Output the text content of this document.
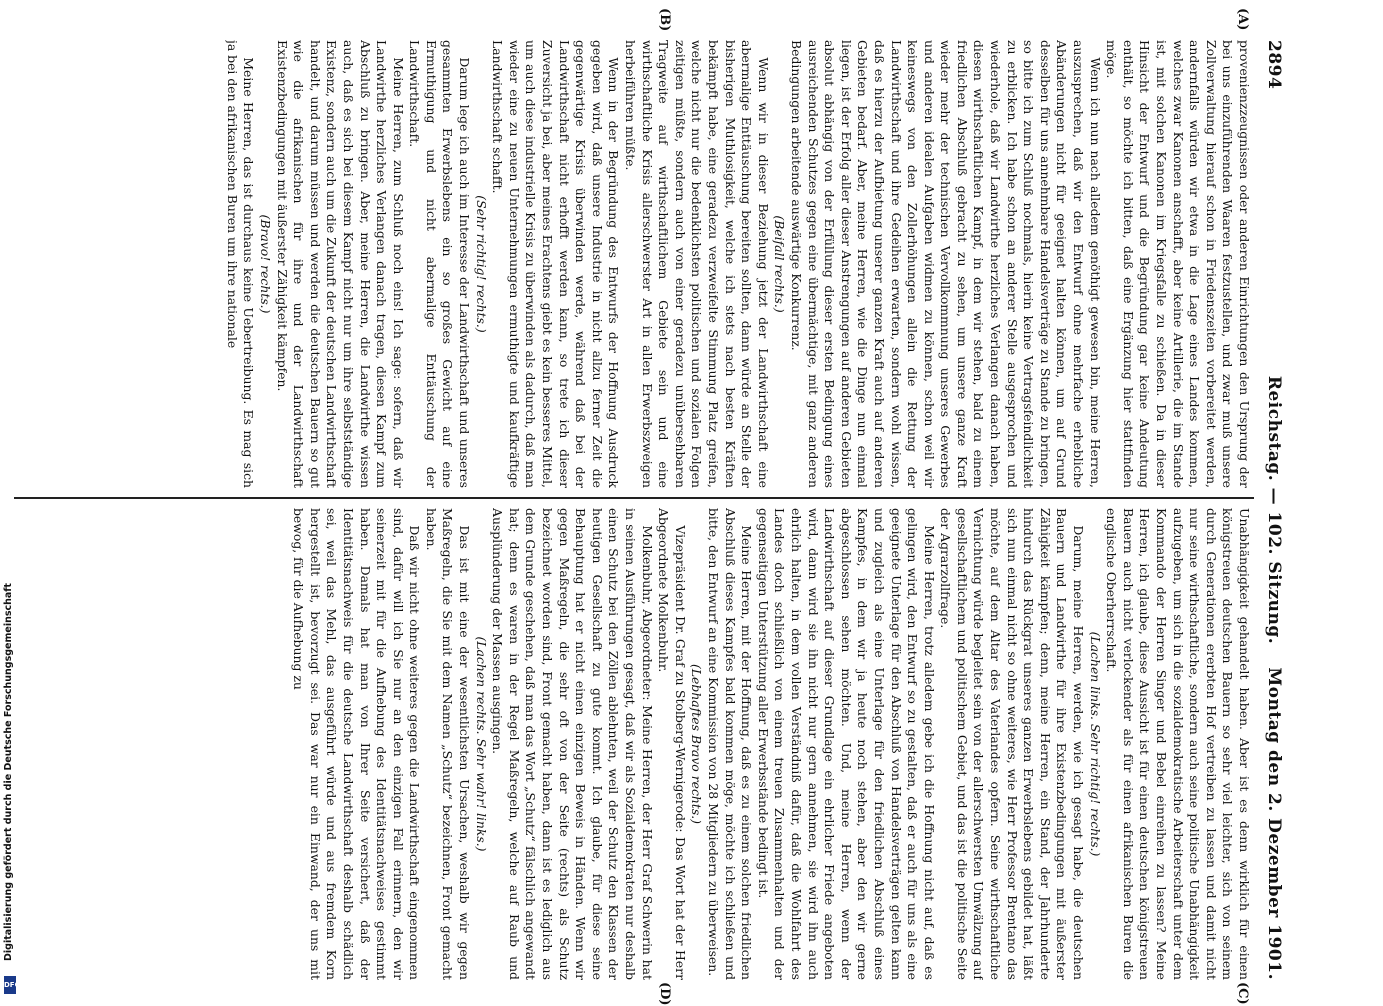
2894
Reichstag. — 102. Sitzung.
Montag den 2. Dezember 1901.
(A)
(B)
(C)
(D)

provenienzzeugnissen oder anderen Einrichtungen den Ursprung der bei uns einzuführenden Waaren festzustellen, und zwar muß unsere Zollverwaltung hierauf schon in Friedenszeiten vorbereitet werden, andernfalls würden wir etwa in die Lage eines Landes kommen, welches zwar Kanonen anschafft, aber keine Artillerie, die im Stande ist, mit solchen Kanonen im Kriegsfalle zu schießen. Da in dieser Hinsicht der Entwurf und die Begründung gar keine Andeutung enthält, so möchte ich bitten, daß eine Ergänzung hier stattfinden möge.

Wenn ich nun nach alledem genöthigt gewesen bin, meine Herren, auszusprechen, daß wir den Entwurf ohne mehrfache erhebliche Abänderungen nicht für geeignet halten können, um auf Grund desselben für uns annehmbare Handelsverträge zu Stande zu bringen, so bitte ich zum Schluß nochmals, hierin keine Vertragsfeindlichkeit zu erblicken. Ich habe schon an anderer Stelle ausgesprochen und wiederhole, daß wir Landwirthe herzliches Verlangen danach haben, diesen wirthschaftlichen Kampf, in dem wir stehen, bald zu einem friedlichen Abschluß gebracht zu sehen, um unsere ganze Kraft wieder mehr der technischen Vervollkommnung unseres Gewerbes und anderen idealen Aufgaben widmen zu können, schon weil wir keineswegs von den Zollerhöhungen allein die Rettung der Landwirthschaft und ihre Gedeihen erwarten, sondern wohl wissen, daß es hierzu der Aufbietung unserer ganzen Kraft auch auf anderen Gebieten bedarf. Aber, meine Herren, wie die Dinge nun einmal liegen, ist der Erfolg aller dieser Anstrengungen auf anderen Gebieten absolut abhängig von der Erfüllung dieser ersten Bedingung eines ausreichenden Schutzes gegen eine übermächtige, mit ganz anderen Bedingungen arbeitende auswärtige Konkurrenz.

(Beifall rechts.)

Wenn wir in dieser Beziehung jetzt der Landwirthschaft eine abermalige Enttäuschung bereiten sollten, dann würde an Stelle der bisherigen Muthlosigkeit, welche ich stets nach besten Kräften bekämpft habe, eine geradezu verzweifelte Stimmung Platz greifen, welche nicht nur die bedenklichsten politischen und sozialen Folgen zeitigen müßte, sondern auch von einer geradezu unübersehbaren Tragweite auf wirthschaftlichem Gebiete sein und eine wirthschaftliche Krisis allerschwerster Art in allen Erwerbszweigen herbeiführen müßte.

Wenn in der Begründung des Entwurfs der Hoffnung Ausdruck gegeben wird, daß unsere Industrie in nicht allzu ferner Zeit die gegenwärtige Krisis überwinden werde, während daß bei der Landwirthschaft nicht erhofft werden kann, so trete ich dieser Zuversicht ja bei, aber meines Erachtens giebt es kein besseres Mittel, um auch diese industrielle Krisis zu überwinden als dadurch, daß man wieder eine zu neuen Unternehmungen ermuthigte und kaufkräftige Landwirthschaft schafft.

(Sehr richtig! rechts.)

Darum lege ich auch im Interesse der Landwirthschaft und unseres gesammten Erwerbslebens ein so großes Gewicht auf eine Ermuthigung und nicht abermalige Enttäuschung der Landwirthschaft.

Meine Herren, zum Schluß noch eins! Ich sage: sofern, daß wir Landwirthe herzliches Verlangen danach tragen, diesen Kampf zum Abschluß zu bringen. Aber, meine Herren, die Landwirthe wissen auch, daß es sich bei diesem Kampf nicht nur um ihre selbstständige Existenz, sondern auch um die Zukunft der deutschen Landwirthschaft handelt, und darum müssen und werden die deutschen Bauern so gut wie die afrikanischen für ihre und der Landwirthschaft Existenzbedingungen mit äußerster Zähigkeit kämpfen.

(Bravo! rechts.)

Meine Herren, das ist durchaus keine Uebertreibung. Es mag sich ja bei den afrikanischen Buren um ihre nationale

Unabhängigkeit gehandelt haben. Aber ist es denn wirklich für einen königstreuen deutschen Bauern so sehr viel leichter, sich von seinem durch Generationen ererbten Hof vertreiben zu lassen und damit nicht nur seine wirthschaftliche, sondern auch seine politische Unabhängigkeit aufzugeben, um sich in die sozialdemokratische Arbeiterschaft unter dem Kommando der Herren Singer und Bebel einreihen zu lassen? Meine Herren, ich glaube, diese Aussicht ist für einen deutschen königstreuen Bauern auch nicht verlockender als für einen afrikanischen Buren die englische Oberherrschaft.

(Lachen links. Sehr richtig! rechts.)

Darum, meine Herren, werden, wie ich gesagt habe, die deutschen Bauern und Landwirthe für ihre Existenzbedingungen mit äußerster Zähigkeit kämpfen; denn, meine Herren, ein Stand, der Jahrhunderte hindurch das Rückgrat unseres ganzen Erwerbslebens gebildet hat, läßt sich nun einmal nicht so ohne weiteres, wie Herr Professor Brentano das möchte, auf dem Altar des Vaterlandes opfern. Seine wirthschaftliche Vernichtung würde begleitet sein von der allerschwersten Umwälzung auf gesellschaftlichem und politischem Gebiet, und das ist die politische Seite der Agrarzollfrage.

Meine Herren, trotz alledem gebe ich die Hoffnung nicht auf, daß es gelingen wird, den Entwurf so zu gestalten, daß er auch für uns als eine geeignete Unterlage für den Abschluß von Handelsverträgen gelten kann und zugleich als eine Unterlage für den friedlichen Abschluß eines Kampfes, in dem wir ja heute noch stehen, aber den wir gerne abgeschlossen sehen möchten. Und, meine Herren, wenn der Landwirthschaft auf dieser Grundlage ein ehrlicher Friede angeboten wird, dann wird sie ihn nicht nur gern annehmen, sie wird ihn auch ehrlich halten, in dem vollen Verständniß dafür, daß die Wohlfahrt des Landes doch schließlich von einem treuen Zusammenhalten und der gegenseitigen Unterstützung aller Erwerbsstände bedingt ist.

Meine Herren, mit der Hoffnung, daß es zu einem solchen friedlichen Abschluß dieses Kampfes bald kommen möge, möchte ich schließen und bitte, den Entwurf an eine Kommission von 28 Mitgliedern zu überweisen.

(Lebhaftes Bravo rechts.)

Vizepräsident Dr. Graf zu Stolberg-Wernigerode: Das Wort hat der Herr Abgeordnete Molkenbuhr.

Molkenbuhr, Abgeordneter: Meine Herren, der Herr Graf Schwerin hat in seinen Ausführungen gesagt, daß wir als Sozialdemokraten nur deshalb einen Schutz bei den Zöllen ablehnten, weil der Schutz den Klassen der heutigen Gesellschaft zu gute kommt. Ich glaube, für diese seine Behauptung hat er nicht einen einzigen Beweis in Händen. Wenn wir gegen Maßregeln, die sehr oft von der Seite (rechts) als Schutz bezeichnet worden sind, Front gemacht haben, dann ist es lediglich aus dem Grunde geschehen, daß man das Wort „Schutz“ fälschlich angewandt hat; denn es waren in der Regel Maßregeln, welche auf Raub und Ausplünderung der Massen ausgingen.

(Lachen rechts. Sehr wahr! links.)

Das ist mit eine der wesentlichsten Ursachen, weshalb wir gegen Maßregeln, die Sie mit dem Namen „Schutz“ bezeichnen, Front gemacht haben.

Daß wir nicht ohne weiteres gegen die Landwirthschaft eingenommen sind, dafür will ich Sie nur an den einzigen Fall erinnern, den wir seinerzeit mit für die Aufhebung des Identitätsnachweises gestimmt haben. Damals hat man von Ihrer Seite versichert, daß der Identitätsnachweis für die deutsche Landwirthschaft deshalb schädlich sei, weil das Mehl, das ausgeführt würde und aus fremdem Korn hergestellt ist, bevorzugt sei. Das war nur ein Einwand, der uns mit bewog, für die Aufhebung zu

Digitalisierung gefördert durch die Deutsche Forschungsgemeinschaft
DFG
